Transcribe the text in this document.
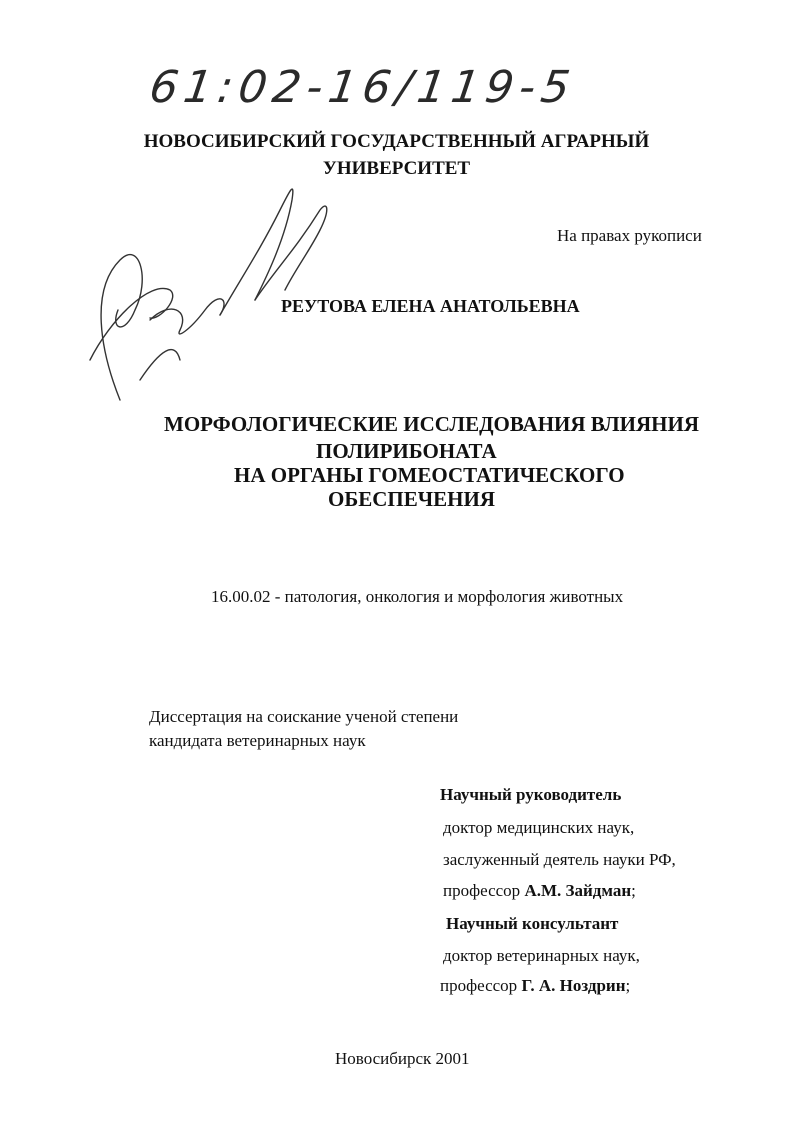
61:02-16/119-5
НОВОСИБИРСКИЙ ГОСУДАРСТВЕННЫЙ АГРАРНЫЙ
УНИВЕРСИТЕТ
На правах рукописи
РЕУТОВА ЕЛЕНА АНАТОЛЬЕВНА
МОРФОЛОГИЧЕСКИЕ ИССЛЕДОВАНИЯ ВЛИЯНИЯ
ПОЛИРИБОНАТА
НА ОРГАНЫ ГОМЕОСТАТИЧЕСКОГО
ОБЕСПЕЧЕНИЯ
16.00.02 - патология, онкология и морфология животных
Диссертация на соискание ученой степени
кандидата ветеринарных наук
Научный руководитель
доктор медицинских наук,
заслуженный деятель науки РФ,
профессор А.М. Зайдман;
Научный консультант
доктор ветеринарных наук,
профессор Г. А. Ноздрин;
Новосибирск 2001
